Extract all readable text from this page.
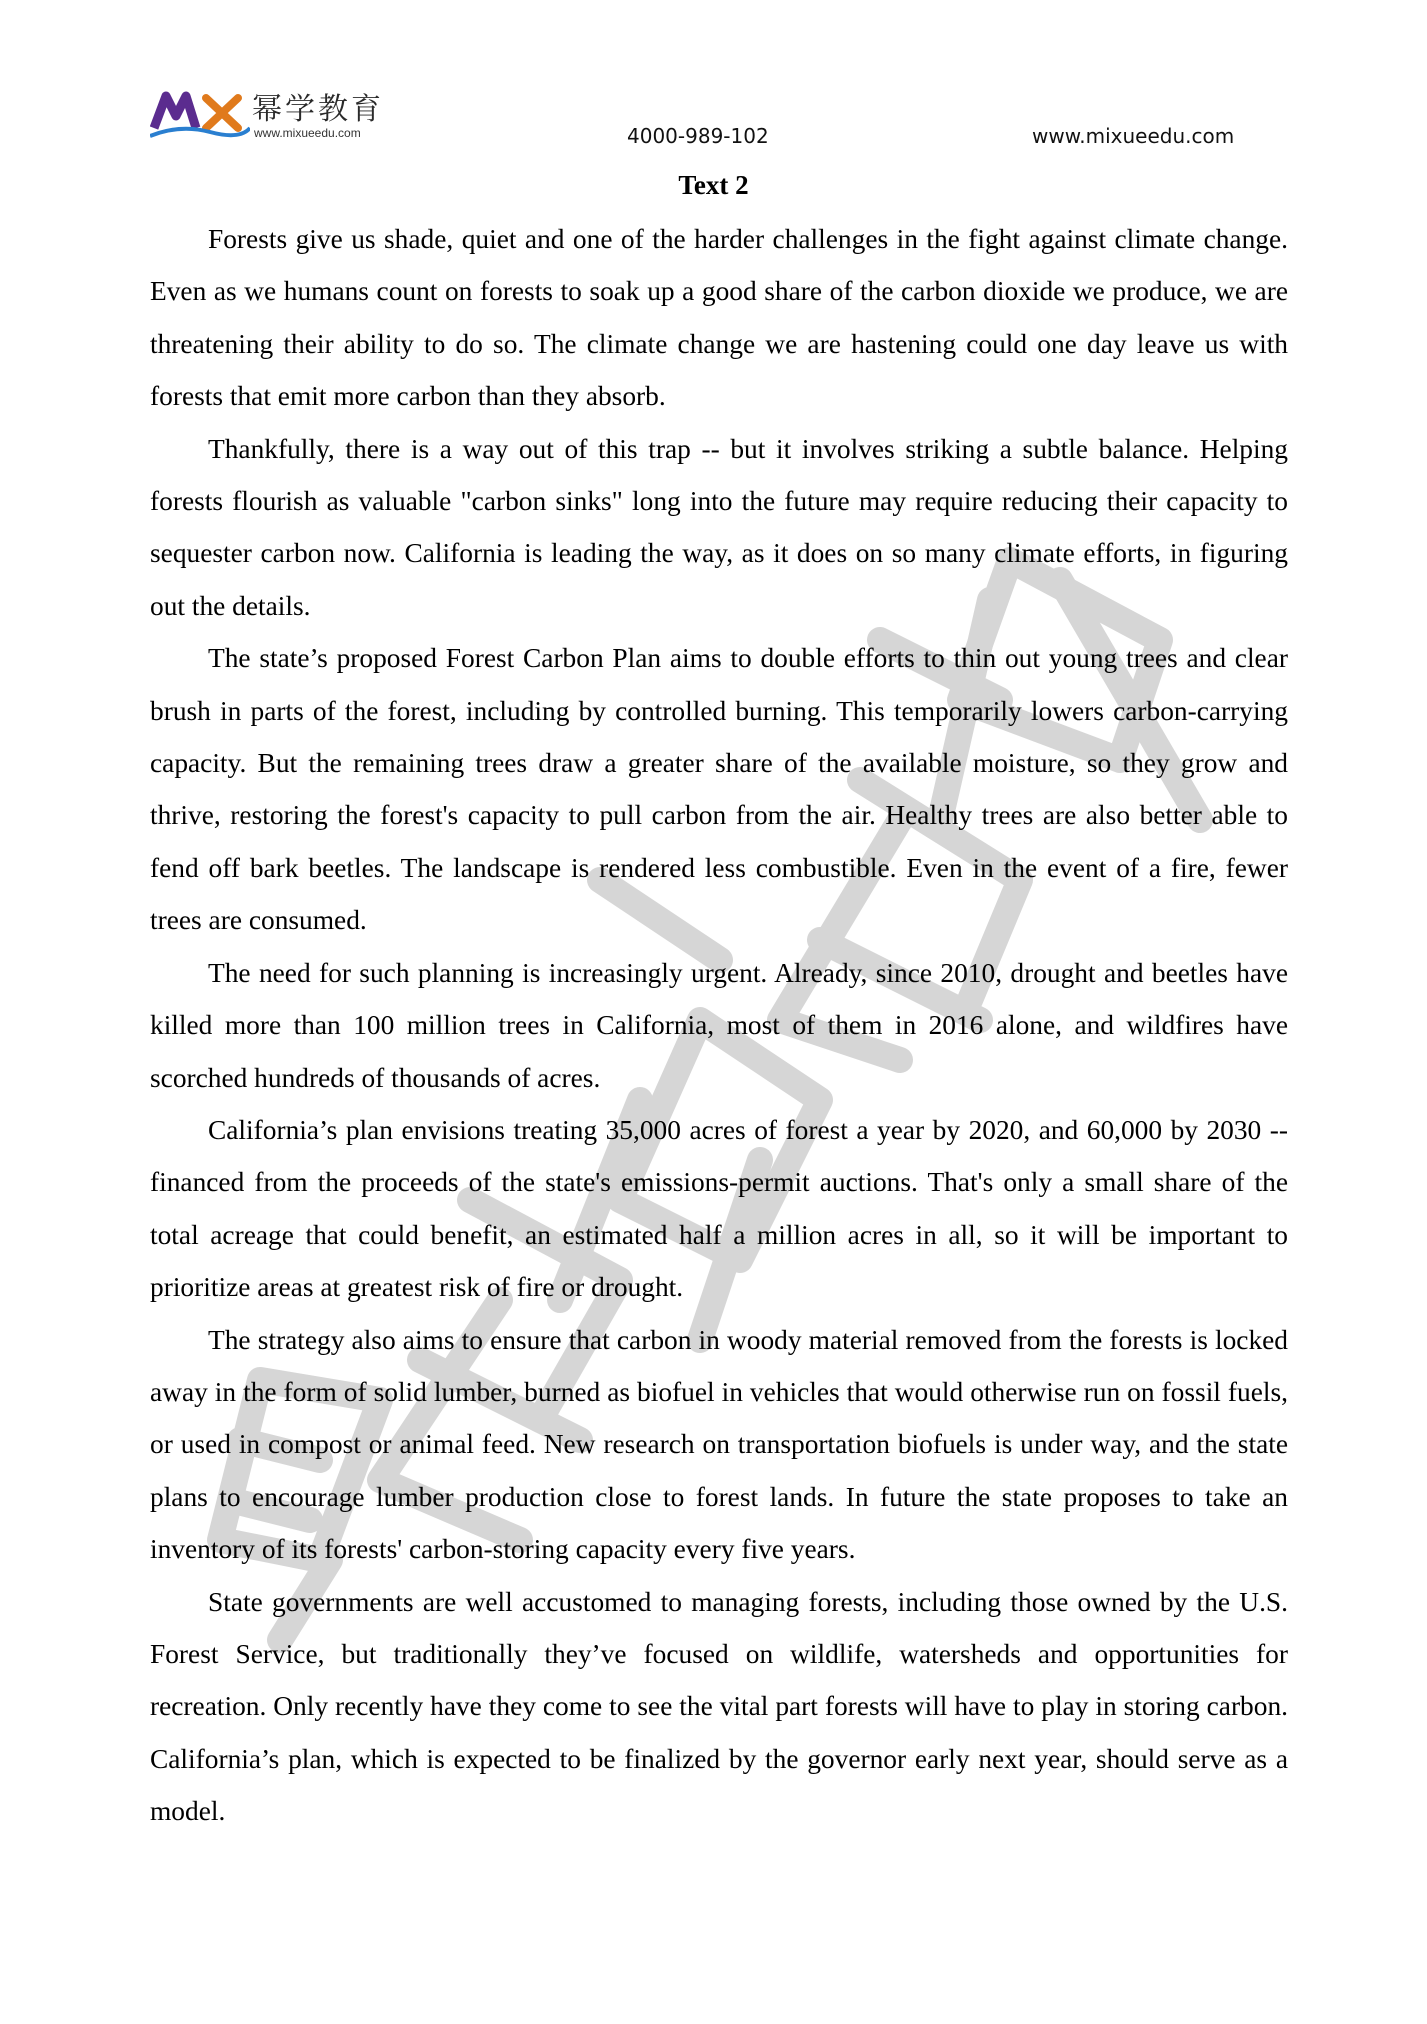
幂学教育
www.mixueedu.com	4000-989-102	www.mixueedu.com
Text 2

Forests give us shade, quiet and one of the harder challenges in the fight against climate change. Even as we humans count on forests to soak up a good share of the carbon dioxide we produce, we are threatening their ability to do so. The climate change we are hastening could one day leave us with forests that emit more carbon than they absorb.

Thankfully, there is a way out of this trap -- but it involves striking a subtle balance. Helping forests flourish as valuable "carbon sinks" long into the future may require reducing their capacity to sequester carbon now. California is leading the way, as it does on so many climate efforts, in figuring out the details.

The state’s proposed Forest Carbon Plan aims to double efforts to thin out young trees and clear brush in parts of the forest, including by controlled burning. This temporarily lowers carbon-carrying capacity. But the remaining trees draw a greater share of the available moisture, so they grow and thrive, restoring the forest's capacity to pull carbon from the air. Healthy trees are also better able to fend off bark beetles. The landscape is rendered less combustible. Even in the event of a fire, fewer trees are consumed.

The need for such planning is increasingly urgent. Already, since 2010, drought and beetles have killed more than 100 million trees in California, most of them in 2016 alone, and wildfires have scorched hundreds of thousands of acres.

California’s plan envisions treating 35,000 acres of forest a year by 2020, and 60,000 by 2030 -- financed from the proceeds of the state's emissions-permit auctions. That's only a small share of the total acreage that could benefit, an estimated half a million acres in all, so it will be important to prioritize areas at greatest risk of fire or drought.

The strategy also aims to ensure that carbon in woody material removed from the forests is locked away in the form of solid lumber, burned as biofuel in vehicles that would otherwise run on fossil fuels, or used in compost or animal feed. New research on transportation biofuels is under way, and the state plans to encourage lumber production close to forest lands. In future the state proposes to take an inventory of its forests' carbon-storing capacity every five years.

State governments are well accustomed to managing forests, including those owned by the U.S. Forest Service, but traditionally they’ve focused on wildlife, watersheds and opportunities for recreation. Only recently have they come to see the vital part forests will have to play in storing carbon. California’s plan, which is expected to be finalized by the governor early next year, should serve as a model.
